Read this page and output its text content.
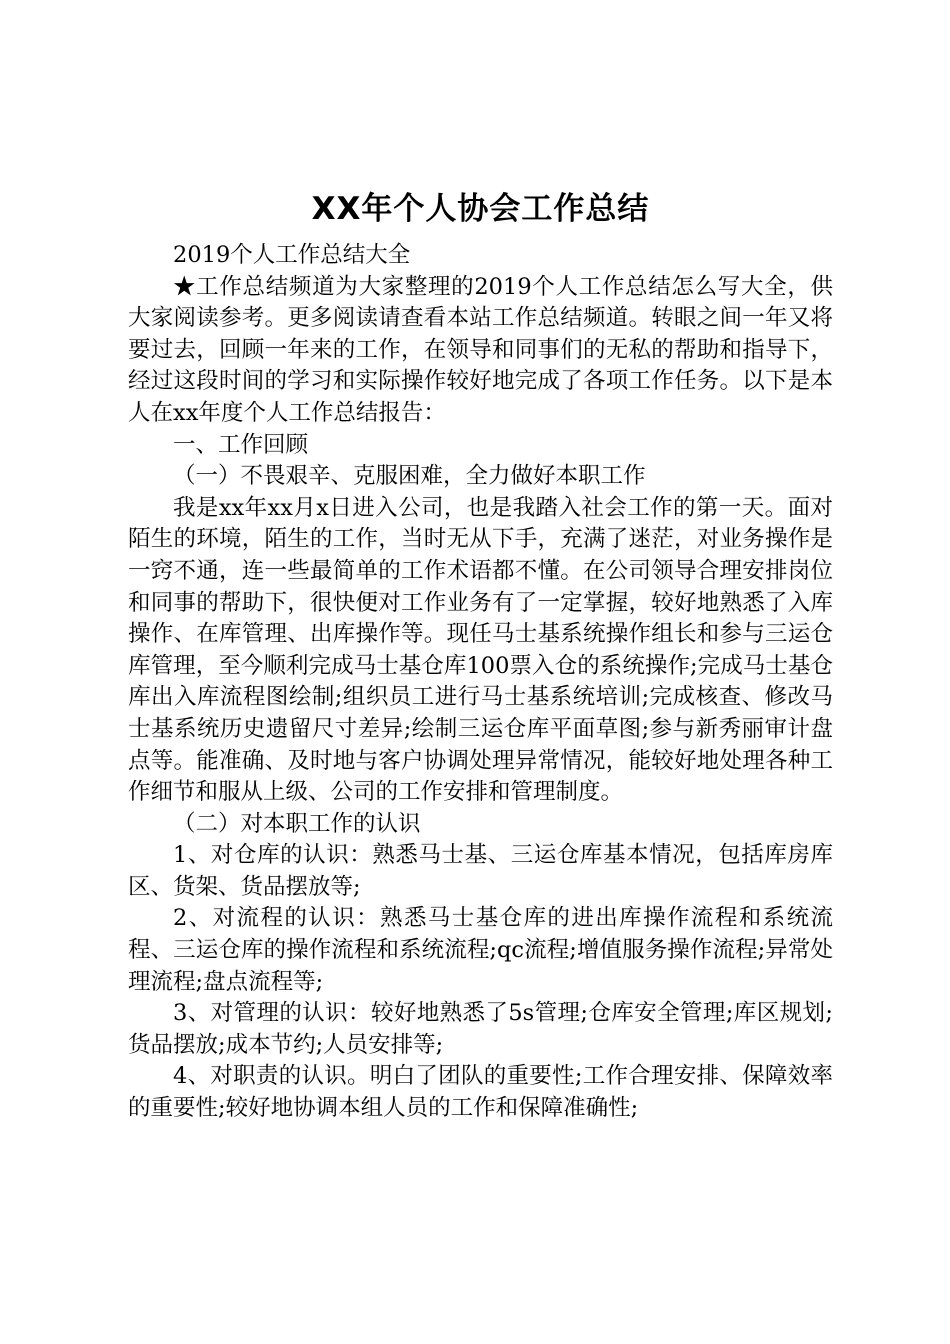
XX年个人协会工作总结

2019个人工作总结大全

★工作总结频道为大家整理的2019个人工作总结怎么写大全，供大家阅读参考。更多阅读请查看本站工作总结频道。转眼之间一年又将要过去，回顾一年来的工作，在领导和同事们的无私的帮助和指导下，经过这段时间的学习和实际操作较好地完成了各项工作任务。以下是本人在xx年度个人工作总结报告：

一、工作回顾

（一）不畏艰辛、克服困难，全力做好本职工作

我是xx年xx月x日进入公司，也是我踏入社会工作的第一天。面对陌生的环境，陌生的工作，当时无从下手，充满了迷茫，对业务操作是一窍不通，连一些最简单的工作术语都不懂。在公司领导合理安排岗位和同事的帮助下，很快便对工作业务有了一定掌握，较好地熟悉了入库操作、在库管理、出库操作等。现任马士基系统操作组长和参与三运仓库管理，至今顺利完成马士基仓库100票入仓的系统操作;完成马士基仓库出入库流程图绘制;组织员工进行马士基系统培训;完成核查、修改马士基系统历史遗留尺寸差异;绘制三运仓库平面草图;参与新秀丽审计盘点等。能准确、及时地与客户协调处理异常情况，能较好地处理各种工作细节和服从上级、公司的工作安排和管理制度。

（二）对本职工作的认识

1、对仓库的认识：熟悉马士基、三运仓库基本情况，包括库房库区、货架、货品摆放等;

2、对流程的认识：熟悉马士基仓库的进出库操作流程和系统流程、三运仓库的操作流程和系统流程;qc流程;增值服务操作流程;异常处理流程;盘点流程等;

3、对管理的认识：较好地熟悉了5s管理;仓库安全管理;库区规划;货品摆放;成本节约;人员安排等;

4、对职责的认识。明白了团队的重要性;工作合理安排、保障效率的重要性;较好地协调本组人员的工作和保障准确性;
